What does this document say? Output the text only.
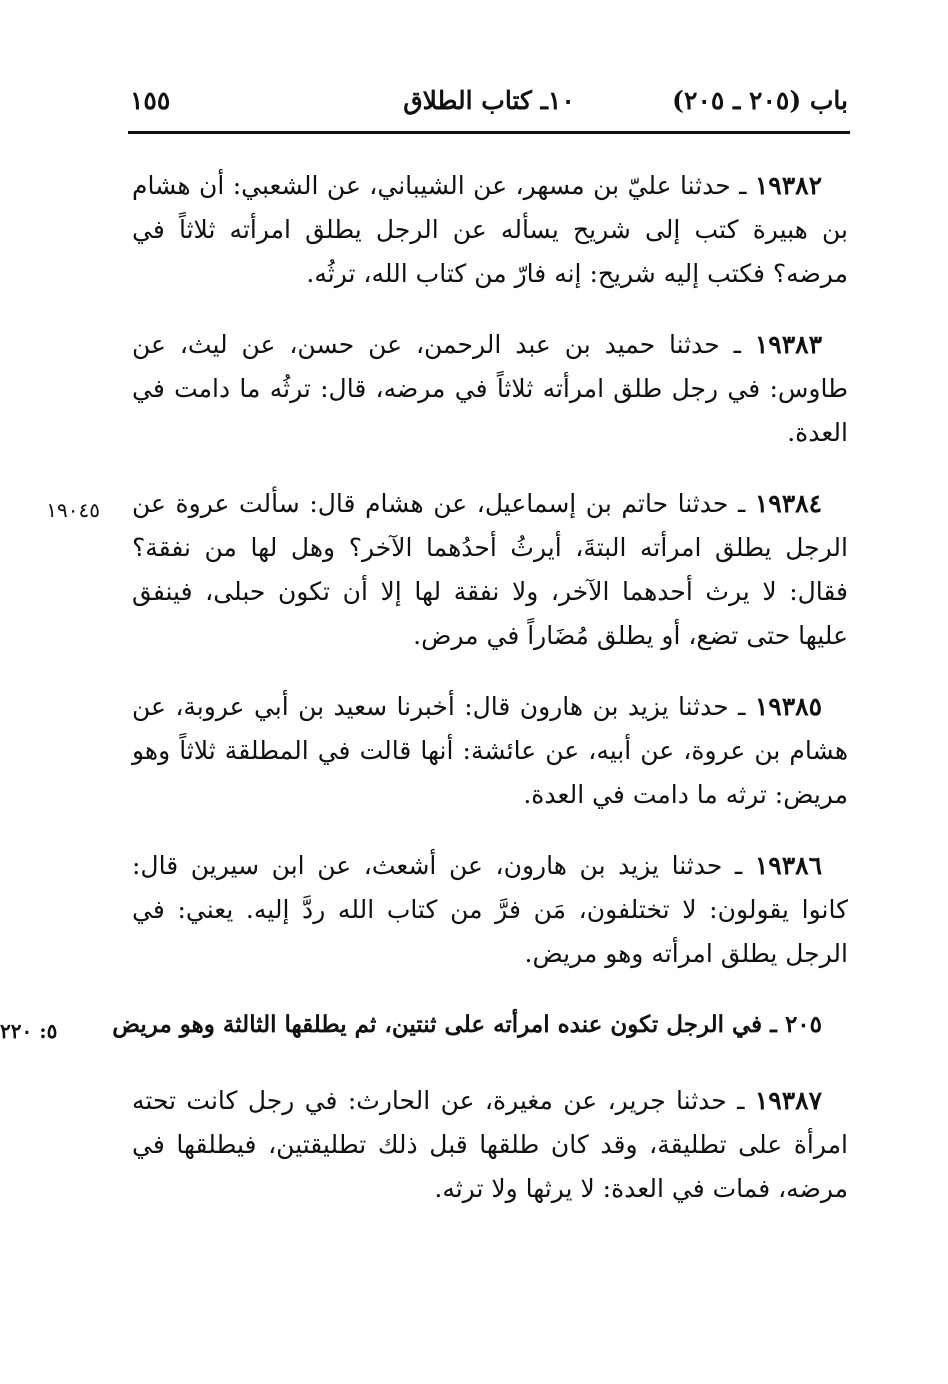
باب (٢٠٥ ـ ٢٠٥)
١٠ـ كتاب الطلاق
١٥٥

١٩٣٨٢ ـ حدثنا عليّ بن مسهر، عن الشيباني، عن الشعبي: أن هشام بن هبيرة كتب إلى شريح يسأله عن الرجل يطلق امرأته ثلاثاً في مرضه؟ فكتب إليه شريح: إنه فارّ من كتاب الله، ترثُه.

١٩٣٨٣ ـ حدثنا حميد بن عبد الرحمن، عن حسن، عن ليث، عن طاوس: في رجل طلق امرأته ثلاثاً في مرضه، قال: ترثُه ما دامت في العدة.

١٩٠٤٥	١٩٣٨٤ ـ حدثنا حاتم بن إسماعيل، عن هشام قال: سألت عروة عن الرجل يطلق امرأته البتةَ، أيرثُ أحدُهما الآخر؟ وهل لها من نفقة؟ فقال: لا يرث أحدهما الآخر، ولا نفقة لها إلا أن تكون حبلى، فينفق عليها حتى تضع، أو يطلق مُضَاراً في مرض.

١٩٣٨٥ ـ حدثنا يزيد بن هارون قال: أخبرنا سعيد بن أبي عروبة، عن هشام بن عروة، عن أبيه، عن عائشة: أنها قالت في المطلقة ثلاثاً وهو مريض: ترثه ما دامت في العدة.

١٩٣٨٦ ـ حدثنا يزيد بن هارون، عن أشعث، عن ابن سيرين قال: كانوا يقولون: لا تختلفون، مَن فرَّ من كتاب الله ردَّ إليه. يعني: في الرجل يطلق امرأته وهو مريض.

٥: ٢٢٠	٢٠٥ ـ في الرجل تكون عنده امرأته على ثنتين، ثم يطلقها الثالثة وهو مريض

١٩٣٨٧ ـ حدثنا جرير، عن مغيرة، عن الحارث: في رجل كانت تحته امرأة على تطليقة، وقد كان طلقها قبل ذلك تطليقتين، فيطلقها في مرضه، فمات في العدة: لا يرثها ولا ترثه.
